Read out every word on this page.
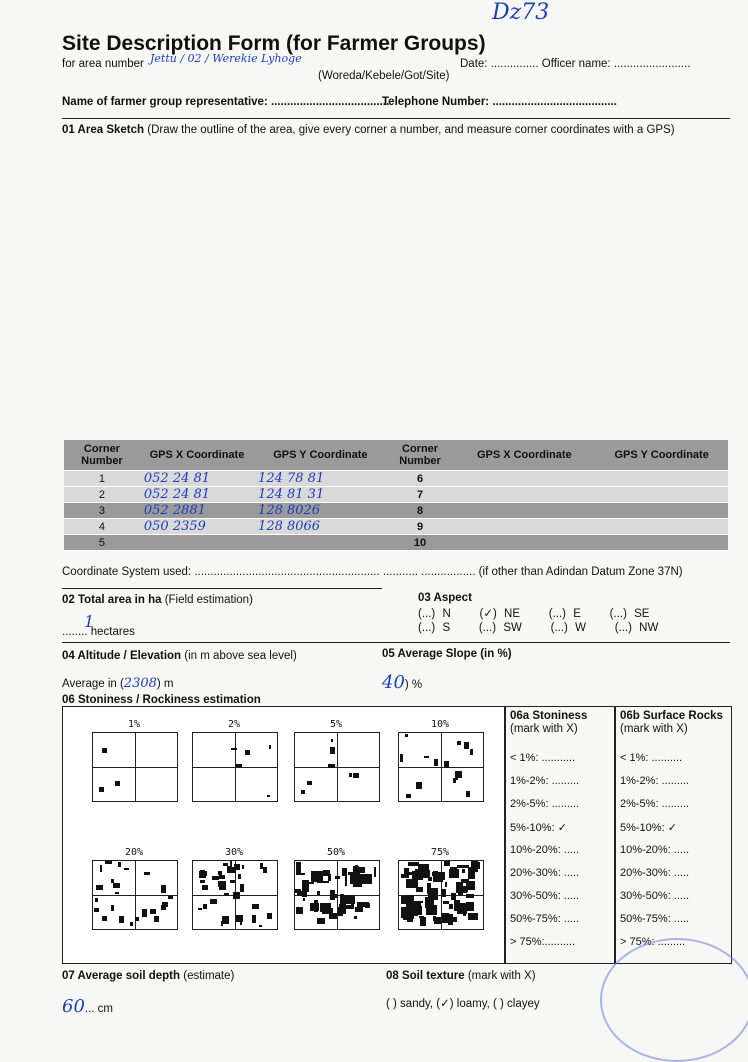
Dz73
Site Description Form (for Farmer Groups)
for area number Jettu / 02 / Werekie Lyhoge
(Woreda/Kebele/Got/Site)
Date: ............... Officer name: ........................
Name of farmer group representative: .....................................
Telephone Number: .......................................
01 Area Sketch (Draw the outline of the area, give every corner a number, and measure corner coordinates with a GPS)
Corner Number	GPS X Coordinate	GPS Y Coordinate	Corner Number	GPS X Coordinate	GPS Y Coordinate
1	052 24 81	124 78 81	6		
2	052 24 81	124 81 31	7		
3	052 2881	128 8026	8		
4	050 2359	128 8066	9		
5			10		
Coordinate System used: .......................................................... ........... ................. (if other than Adindan Datum Zone 37N)
02 Total area in ha (Field estimation)
1
........ hectares
03 Aspect
(...) N    (✓) NE    (...) E    (...) SE
(...) S    (...) SW    (...) W    (...) NW
04 Altitude / Elevation (in m above sea level)
Average in (2308) m
05 Average Slope (in %)
40) %
06 Stoniness / Rockiness estimation
1%	2%	5%	10%
20%	30%	50%	75%
06a Stoniness
(mark with X)
06b Surface Rocks
(mark with X)
< 1%: ...........
1%-2%: .........
2%-5%: .........
5%-10%: ✓
10%-20%: .....
20%-30%: .....
30%-50%: .....
50%-75%: .....
> 75%:..........
< 1%: ..........
1%-2%: .........
2%-5%: .........
5%-10%: ✓
10%-20%: .....
20%-30%: .....
30%-50%: .....
50%-75%: .....
> 75%: .........
07 Average soil depth (estimate)
60... cm
08 Soil texture (mark with X)
( ) sandy, (✓) loamy, ( ) clayey
